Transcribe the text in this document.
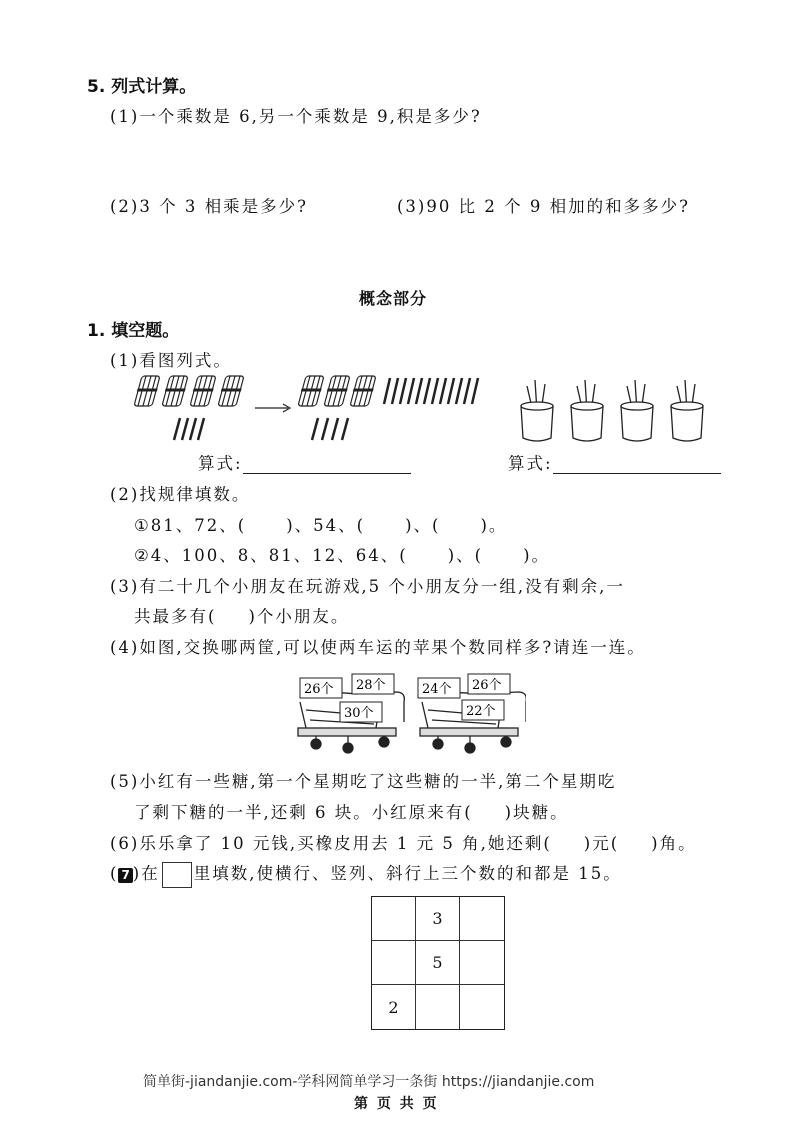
5. 列式计算。
(1)一个乘数是 6,另一个乘数是 9,积是多少?
(2)3 个 3 相乘是多少?	(3)90 比 2 个 9 相加的和多多少?
概念部分
1. 填空题。
(1)看图列式。
算式:	算式:
(2)找规律填数。
①81、72、( )、54、( )、( )。
②4、100、8、81、12、64、( )、( )。
(3)有二十几个小朋友在玩游戏,5 个小朋友分一组,没有剩余,一
共最多有( )个小朋友。
(4)如图,交换哪两筐,可以使两车运的苹果个数同样多?请连一连。
26个 28个
30个
24个 26个
22个
(5)小红有一些糖,第一个星期吃了这些糖的一半,第二个星期吃
了剩下糖的一半,还剩 6 块。小红原来有( )块糖。
(6)乐乐拿了 10 元钱,买橡皮用去 1 元 5 角,她还剩( )元( )角。
( 7 )在 里填数,使横行、竖列、斜行上三个数的和都是 15。
3
5
2
简单街-jiandanjie.com-学科网简单学习一条街 https://jiandanjie.com
第 页 共 页
